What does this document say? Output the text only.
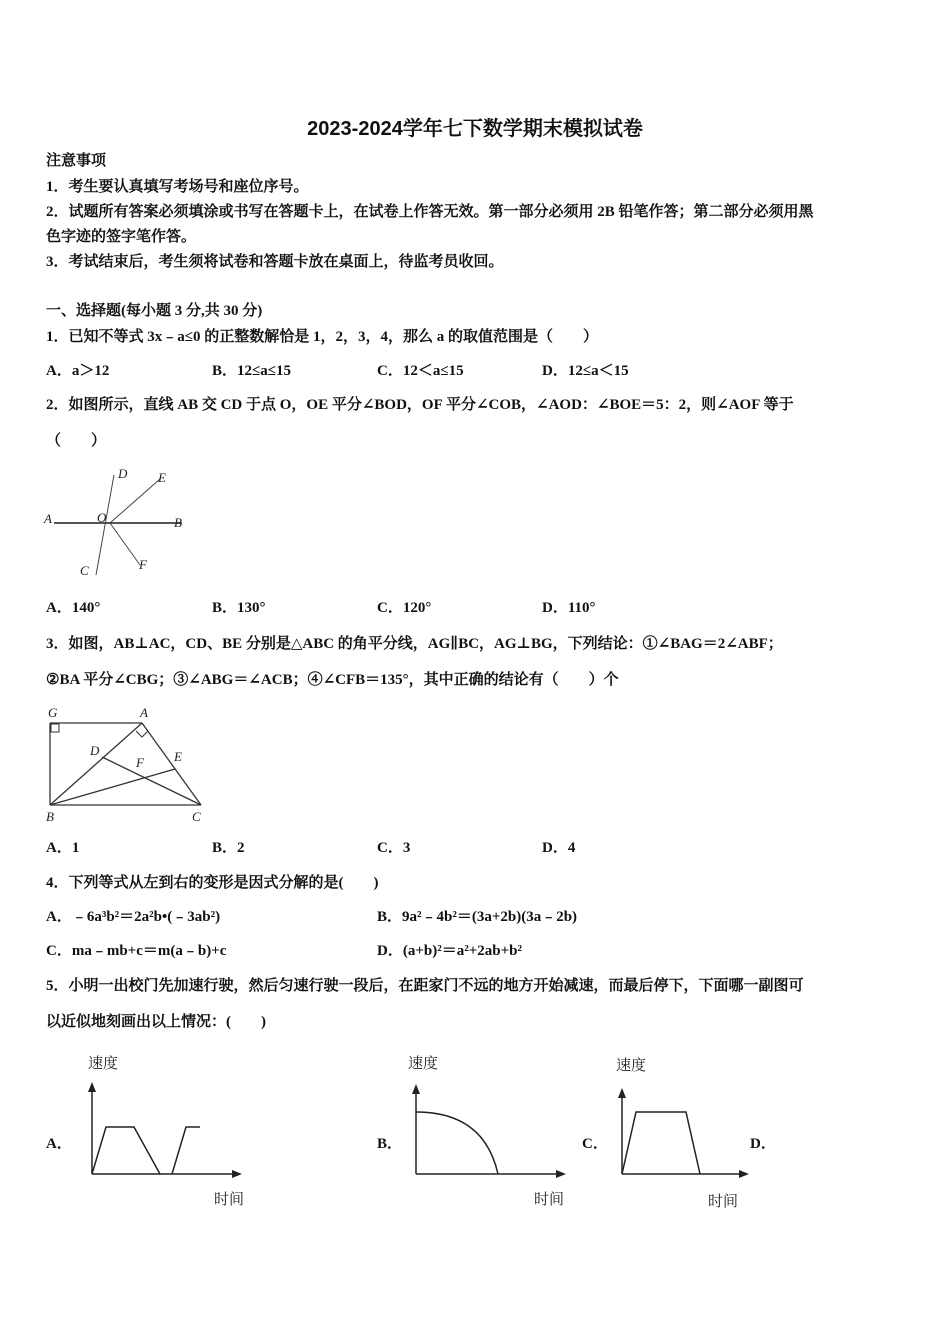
2023-2024学年七下数学期末模拟试卷
注意事项
1．考生要认真填写考场号和座位序号。
2．试题所有答案必须填涂或书写在答题卡上，在试卷上作答无效。第一部分必须用 2B 铅笔作答；第二部分必须用黑
色字迹的签字笔作答。
3．考试结束后，考生须将试卷和答题卡放在桌面上，待监考员收回。
一、选择题(每小题 3 分,共 30 分)
1．已知不等式 3x﹣a≤0 的正整数解恰是 1，2，3，4，那么 a 的取值范围是（　　）
A．a＞12	B．12≤a≤15	C．12＜a≤15	D．12≤a＜15
2．如图所示，直线 AB 交 CD 于点 O，OE 平分∠BOD，OF 平分∠COB，∠AOD：∠BOE＝5：2，则∠AOF 等于
（　　）
A	B
C
D E
F
O
A．140°	B．130°	C．120°	D．110°
3．如图，AB⊥AC，CD、BE 分别是△ABC 的角平分线，AG∥BC，AG⊥BG，下列结论：①∠BAG＝2∠ABF；
②BA 平分∠CBG；③∠ABG＝∠ACB；④∠CFB＝135°，其中正确的结论有（　　）个
G	A
D	E
F
B	C
A．1	B．2	C．3	D．4
4．下列等式从左到右的变形是因式分解的是(　　)
A．﹣6a³b²＝2a²b•(﹣3ab²)	B．9a²﹣4b²＝(3a+2b)(3a﹣2b)
C．ma﹣mb+c＝m(a﹣b)+c	D．(a+b)²＝a²+2ab+b²
5．小明一出校门先加速行驶，然后匀速行驶一段后，在距家门不远的地方开始减速，而最后停下，下面哪一副图可
以近似地刻画出以上情况：(　　)
A．	B．	C．	D．
速度
时间
速度
时间
速度
时间
